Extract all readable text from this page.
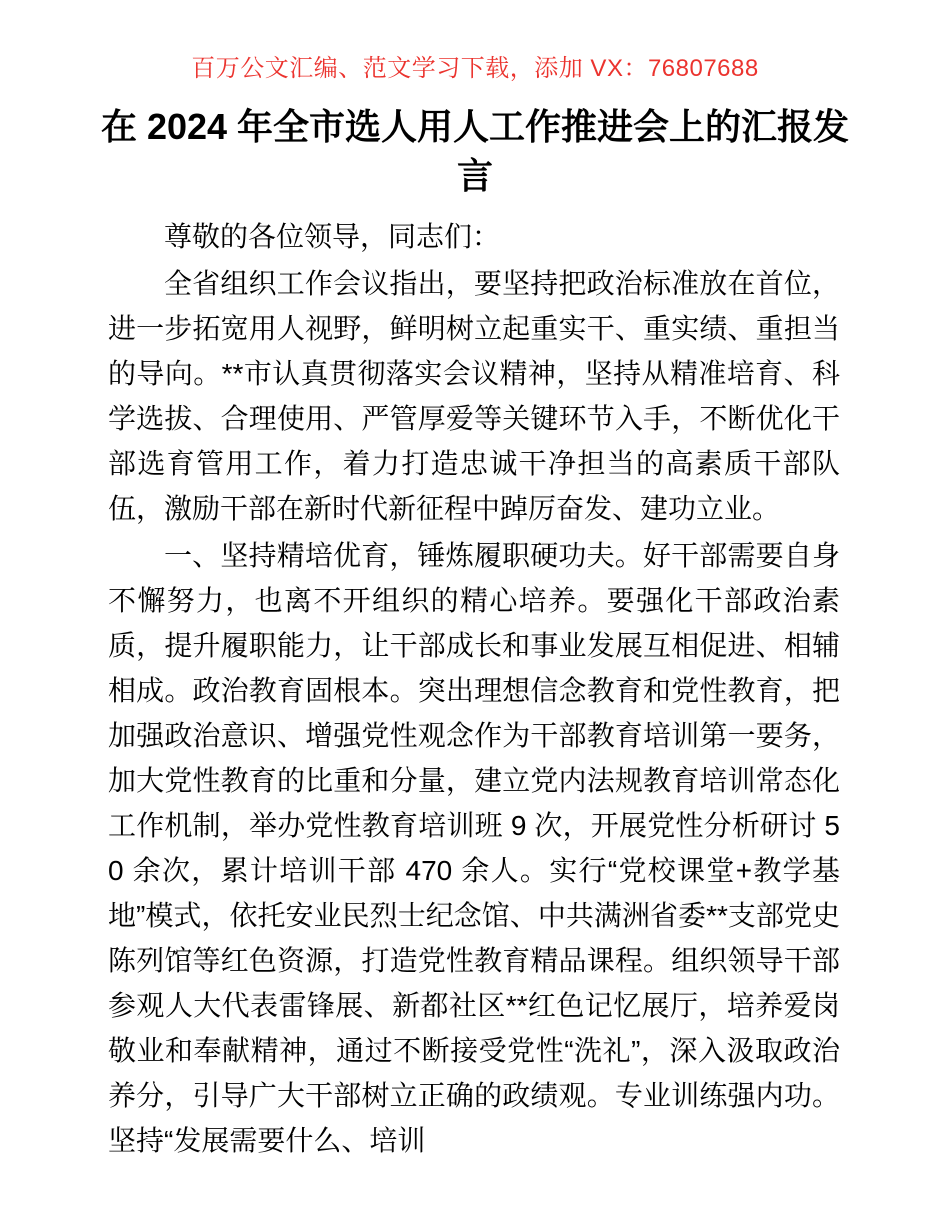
百万公文汇编、范文学习下载，添加 VX：76807688
在 2024 年全市选人用人工作推进会上的汇报发言

尊敬的各位领导，同志们：

全省组织工作会议指出，要坚持把政治标准放在首位，进一步拓宽用人视野，鲜明树立起重实干、重实绩、重担当的导向。**市认真贯彻落实会议精神，坚持从精准培育、科学选拔、合理使用、严管厚爱等关键环节入手，不断优化干部选育管用工作，着力打造忠诚干净担当的高素质干部队伍，激励干部在新时代新征程中踔厉奋发、建功立业。

一、坚持精培优育，锤炼履职硬功夫。好干部需要自身不懈努力，也离不开组织的精心培养。要强化干部政治素质，提升履职能力，让干部成长和事业发展互相促进、相辅相成。政治教育固根本。突出理想信念教育和党性教育，把加强政治意识、增强党性观念作为干部教育培训第一要务，加大党性教育的比重和分量，建立党内法规教育培训常态化工作机制，举办党性教育培训班 9 次，开展党性分析研讨 50 余次，累计培训干部 470 余人。实行“党校课堂+教学基地”模式，依托安业民烈士纪念馆、中共满洲省委**支部党史陈列馆等红色资源，打造党性教育精品课程。组织领导干部参观人大代表雷锋展、新都社区**红色记忆展厅，培养爱岗敬业和奉献精神，通过不断接受党性“洗礼”，深入汲取政治养分，引导广大干部树立正确的政绩观。专业训练强内功。坚持“发展需要什么、培训
